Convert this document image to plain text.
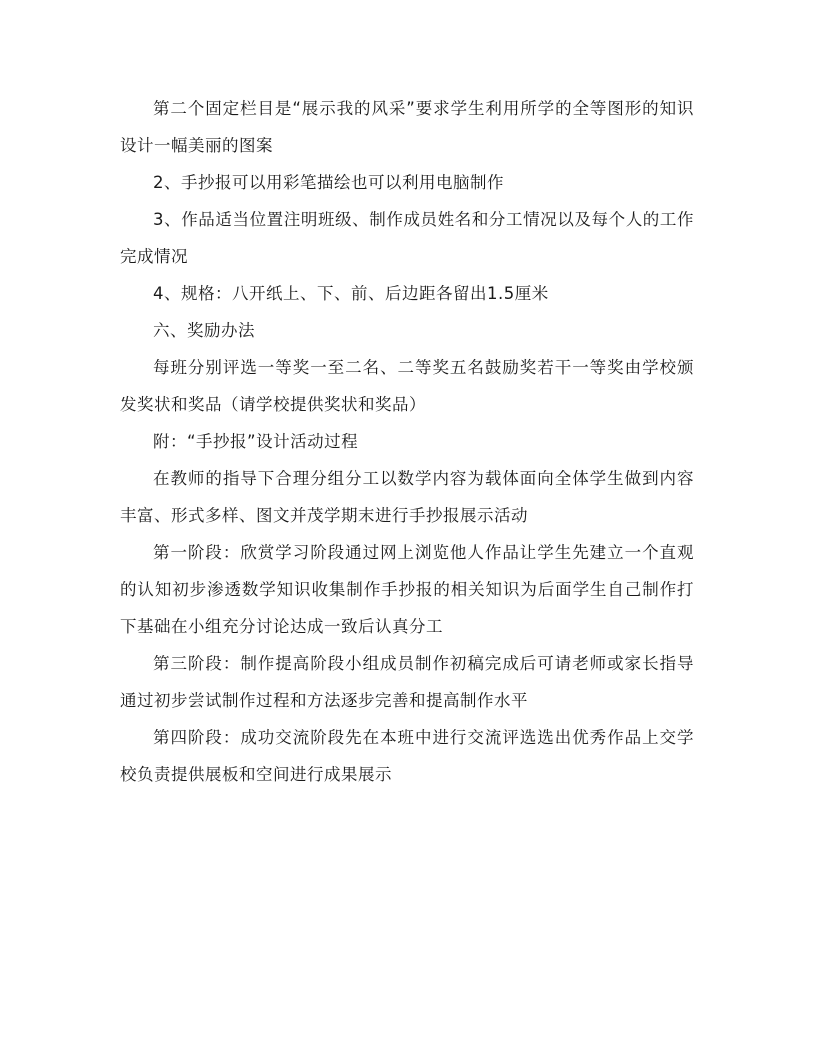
第二个固定栏目是“展示我的风采”要求学生利用所学的全等图形的知识设计一幅美丽的图案

2、手抄报可以用彩笔描绘也可以利用电脑制作

3、作品适当位置注明班级、制作成员姓名和分工情况以及每个人的工作完成情况

4、规格：八开纸上、下、前、后边距各留出1.5厘米

六、奖励办法

每班分别评选一等奖一至二名、二等奖五名鼓励奖若干一等奖由学校颁发奖状和奖品（请学校提供奖状和奖品）

附：“手抄报”设计活动过程

在教师的指导下合理分组分工以数学内容为载体面向全体学生做到内容丰富、形式多样、图文并茂学期末进行手抄报展示活动

第一阶段：欣赏学习阶段通过网上浏览他人作品让学生先建立一个直观的认知初步渗透数学知识收集制作手抄报的相关知识为后面学生自己制作打下基础在小组充分讨论达成一致后认真分工

第三阶段：制作提高阶段小组成员制作初稿完成后可请老师或家长指导通过初步尝试制作过程和方法逐步完善和提高制作水平

第四阶段：成功交流阶段先在本班中进行交流评选选出优秀作品上交学校负责提供展板和空间进行成果展示
